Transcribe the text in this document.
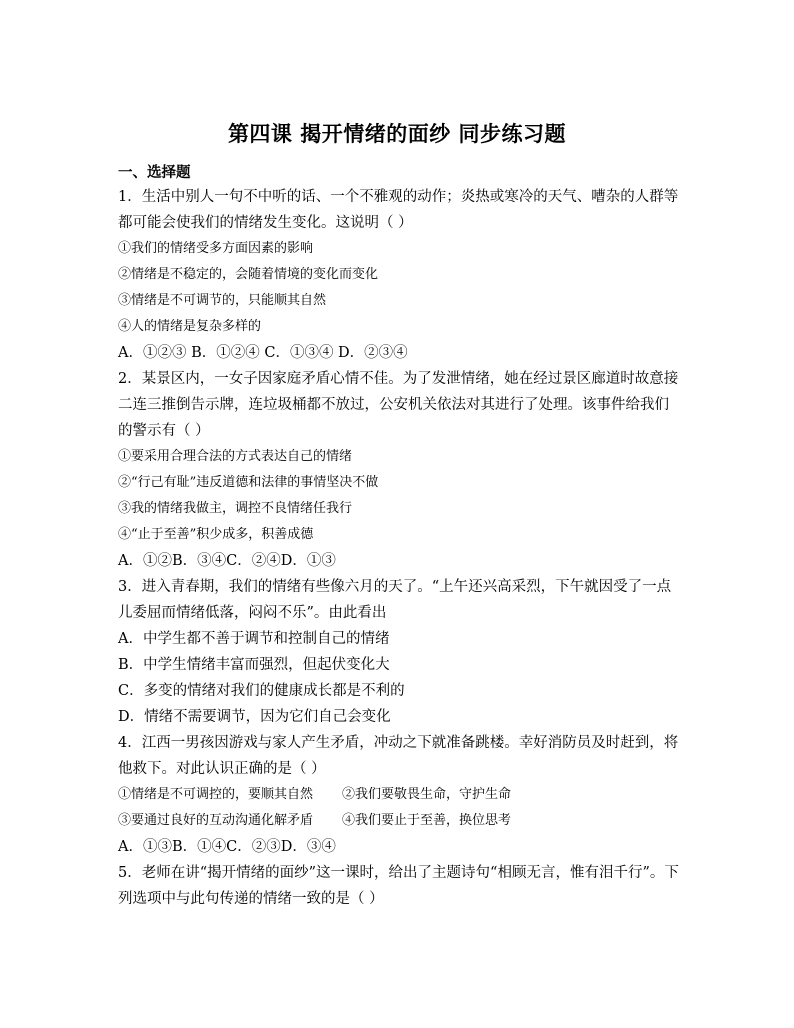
第四课 揭开情绪的面纱 同步练习题
一、选择题

1．生活中别人一句不中听的话、一个不雅观的动作；炎热或寒冷的天气、嘈杂的人群等都可能会使我们的情绪发生变化。这说明（ ）

①我们的情绪受多方面因素的影响

②情绪是不稳定的，会随着情境的变化而变化

③情绪是不可调节的，只能顺其自然

④人的情绪是复杂多样的

A．①②③ B．①②④ C．①③④ D．②③④

2．某景区内，一女子因家庭矛盾心情不佳。为了发泄情绪，她在经过景区廊道时故意接二连三推倒告示牌，连垃圾桶都不放过，公安机关依法对其进行了处理。该事件给我们的警示有（ ）

①要采用合理合法的方式表达自己的情绪

②“行己有耻”违反道德和法律的事情坚决不做

③我的情绪我做主，调控不良情绪任我行

④“止于至善”积少成多，积善成德

A．①②B．③④C．②④D．①③

3．进入青春期，我们的情绪有些像六月的天了。“上午还兴高采烈，下午就因受了一点儿委屈而情绪低落，闷闷不乐”。由此看出

A．中学生都不善于调节和控制自己的情绪

B．中学生情绪丰富而强烈，但起伏变化大

C．多变的情绪对我们的健康成长都是不利的

D．情绪不需要调节，因为它们自己会变化

4．江西一男孩因游戏与家人产生矛盾，冲动之下就准备跳楼。幸好消防员及时赶到，将他救下。对此认识正确的是（ ）

①情绪是不可调控的，要顺其自然	②我们要敬畏生命，守护生命

③要通过良好的互动沟通化解矛盾	④我们要止于至善，换位思考

A．①③B．①④C．②③D．③④

5．老师在讲“揭开情绪的面纱”这一课时，给出了主题诗句“相顾无言，惟有泪千行”。下列选项中与此句传递的情绪一致的是（ ）
